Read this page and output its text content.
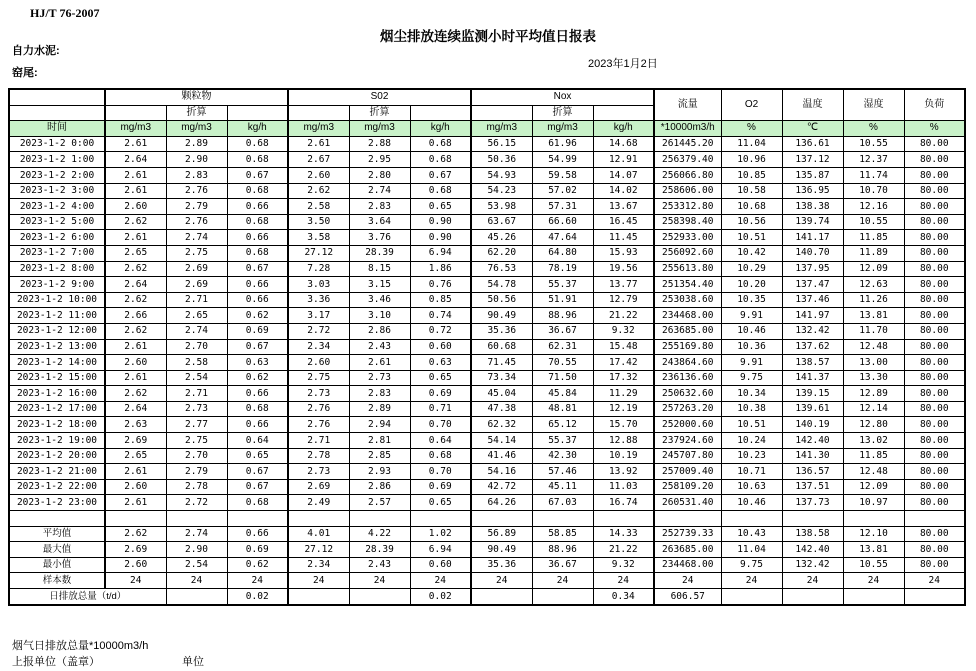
HJ/T 76-2007
烟尘排放连续监测小时平均值日报表
自力水泥:
窑尾:
2023年1月2日
	颗粒物			S02			Nox			流量	O2	温度	湿度	负荷
		折算			折算			折算						
时间	mg/m3	mg/m3	kg/h	mg/m3	mg/m3	kg/h	mg/m3	mg/m3	kg/h	*10000m3/h	%	℃	%	%
2023-1-2 0:00	2.61	2.89	0.68	2.61	2.88	0.68	56.15	61.96	14.68	261445.20	11.04	136.61	10.55	80.00
2023-1-2 1:00	2.64	2.90	0.68	2.67	2.95	0.68	50.36	54.99	12.91	256379.40	10.96	137.12	12.37	80.00
2023-1-2 2:00	2.61	2.83	0.67	2.60	2.80	0.67	54.93	59.58	14.07	256066.80	10.85	135.87	11.74	80.00
2023-1-2 3:00	2.61	2.76	0.68	2.62	2.74	0.68	54.23	57.02	14.02	258606.00	10.58	136.95	10.70	80.00
2023-1-2 4:00	2.60	2.79	0.66	2.58	2.83	0.65	53.98	57.31	13.67	253312.80	10.68	138.38	12.16	80.00
2023-1-2 5:00	2.62	2.76	0.68	3.50	3.64	0.90	63.67	66.60	16.45	258398.40	10.56	139.74	10.55	80.00
2023-1-2 6:00	2.61	2.74	0.66	3.58	3.76	0.90	45.26	47.64	11.45	252933.00	10.51	141.17	11.85	80.00
2023-1-2 7:00	2.65	2.75	0.68	27.12	28.39	6.94	62.20	64.80	15.93	256092.60	10.42	140.70	11.89	80.00
2023-1-2 8:00	2.62	2.69	0.67	7.28	8.15	1.86	76.53	78.19	19.56	255613.80	10.29	137.95	12.09	80.00
2023-1-2 9:00	2.64	2.69	0.66	3.03	3.15	0.76	54.78	55.37	13.77	251354.40	10.20	137.47	12.63	80.00
2023-1-2 10:00	2.62	2.71	0.66	3.36	3.46	0.85	50.56	51.91	12.79	253038.60	10.35	137.46	11.26	80.00
2023-1-2 11:00	2.66	2.65	0.62	3.17	3.10	0.74	90.49	88.96	21.22	234468.00	9.91	141.97	13.81	80.00
2023-1-2 12:00	2.62	2.74	0.69	2.72	2.86	0.72	35.36	36.67	9.32	263685.00	10.46	132.42	11.70	80.00
2023-1-2 13:00	2.61	2.70	0.67	2.34	2.43	0.60	60.68	62.31	15.48	255169.80	10.36	137.62	12.48	80.00
2023-1-2 14:00	2.60	2.58	0.63	2.60	2.61	0.63	71.45	70.55	17.42	243864.60	9.91	138.57	13.00	80.00
2023-1-2 15:00	2.61	2.54	0.62	2.75	2.73	0.65	73.34	71.50	17.32	236136.60	9.75	141.37	13.30	80.00
2023-1-2 16:00	2.62	2.71	0.66	2.73	2.83	0.69	45.04	45.84	11.29	250632.60	10.34	139.15	12.89	80.00
2023-1-2 17:00	2.64	2.73	0.68	2.76	2.89	0.71	47.38	48.81	12.19	257263.20	10.38	139.61	12.14	80.00
2023-1-2 18:00	2.63	2.77	0.66	2.76	2.94	0.70	62.32	65.12	15.70	252000.60	10.51	140.19	12.80	80.00
2023-1-2 19:00	2.69	2.75	0.64	2.71	2.81	0.64	54.14	55.37	12.88	237924.60	10.24	142.40	13.02	80.00
2023-1-2 20:00	2.65	2.70	0.65	2.78	2.85	0.68	41.46	42.30	10.19	245707.80	10.23	141.30	11.85	80.00
2023-1-2 21:00	2.61	2.79	0.67	2.73	2.93	0.70	54.16	57.46	13.92	257009.40	10.71	136.57	12.48	80.00
2023-1-2 22:00	2.60	2.78	0.67	2.69	2.86	0.69	42.72	45.11	11.03	258109.20	10.63	137.51	12.09	80.00
2023-1-2 23:00	2.61	2.72	0.68	2.49	2.57	0.65	64.26	67.03	16.74	260531.40	10.46	137.73	10.97	80.00

平均值	2.62	2.74	0.66	4.01	4.22	1.02	56.89	58.85	14.33	252739.33	10.43	138.58	12.10	80.00
最大值	2.69	2.90	0.69	27.12	28.39	6.94	90.49	88.96	21.22	263685.00	11.04	142.40	13.81	80.00
最小值	2.60	2.54	0.62	2.34	2.43	0.60	35.36	36.67	9.32	234468.00	9.75	132.42	10.55	80.00
样本数	24	24	24	24	24	24	24	24	24	24	24	24	24	24
日排放总量（t/d）			0.02			0.02			0.34	606.57				
烟气日排放总量*10000m3/h
上报单位（盖章）	单位
